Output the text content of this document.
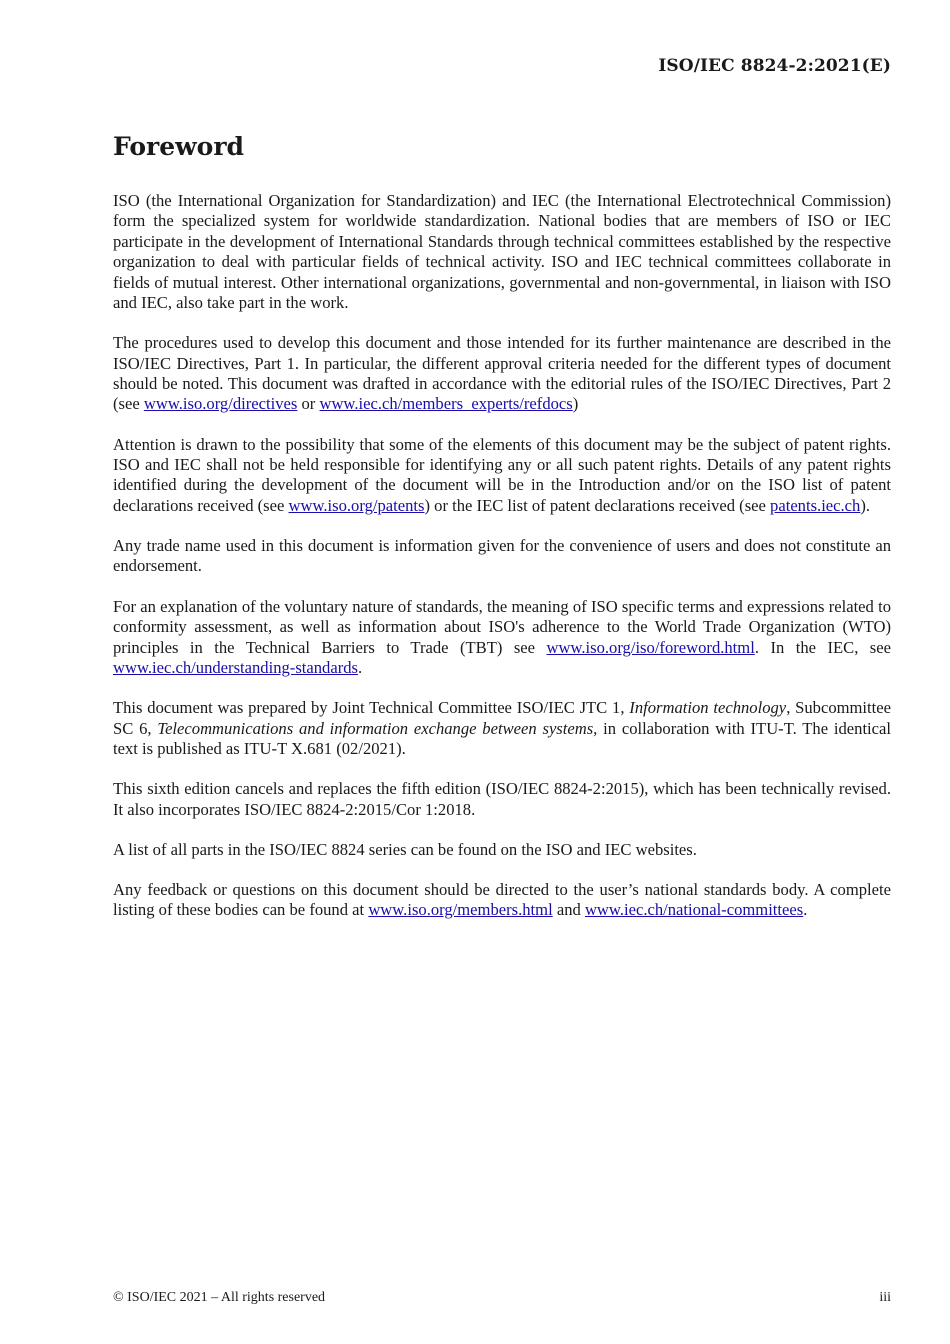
ISO/IEC 8824-2:2021(E)
Foreword

ISO (the International Organization for Standardization) and IEC (the International Electrotechnical Commission) form the specialized system for worldwide standardization. National bodies that are members of ISO or IEC participate in the development of International Standards through technical committees established by the respective organization to deal with particular fields of technical activity. ISO and IEC technical committees collaborate in fields of mutual interest. Other international organizations, governmental and non-governmental, in liaison with ISO and IEC, also take part in the work.

The procedures used to develop this document and those intended for its further maintenance are described in the ISO/IEC Directives, Part 1. In particular, the different approval criteria needed for the different types of document should be noted. This document was drafted in accordance with the editorial rules of the ISO/IEC Directives, Part 2 (see www.iso.org/directives or www.iec.ch/members_experts/refdocs)

Attention is drawn to the possibility that some of the elements of this document may be the subject of patent rights. ISO and IEC shall not be held responsible for identifying any or all such patent rights. Details of any patent rights identified during the development of the document will be in the Introduction and/or on the ISO list of patent declarations received (see www.iso.org/patents) or the IEC list of patent declarations received (see patents.iec.ch).

Any trade name used in this document is information given for the convenience of users and does not constitute an endorsement.

For an explanation of the voluntary nature of standards, the meaning of ISO specific terms and expressions related to conformity assessment, as well as information about ISO's adherence to the World Trade Organization (WTO) principles in the Technical Barriers to Trade (TBT) see www.iso.org/iso/foreword.html. In the IEC, see www.iec.ch/understanding-standards.

This document was prepared by Joint Technical Committee ISO/IEC JTC 1, Information technology, Subcommittee SC 6, Telecommunications and information exchange between systems, in collaboration with ITU-T. The identical text is published as ITU-T X.681 (02/2021).

This sixth edition cancels and replaces the fifth edition (ISO/IEC 8824-2:2015), which has been technically revised. It also incorporates ISO/IEC 8824-2:2015/Cor 1:2018.

A list of all parts in the ISO/IEC 8824 series can be found on the ISO and IEC websites.

Any feedback or questions on this document should be directed to the user’s national standards body. A complete listing of these bodies can be found at www.iso.org/members.html and www.iec.ch/national-committees.

© ISO/IEC 2021 – All rights reserved	iii
